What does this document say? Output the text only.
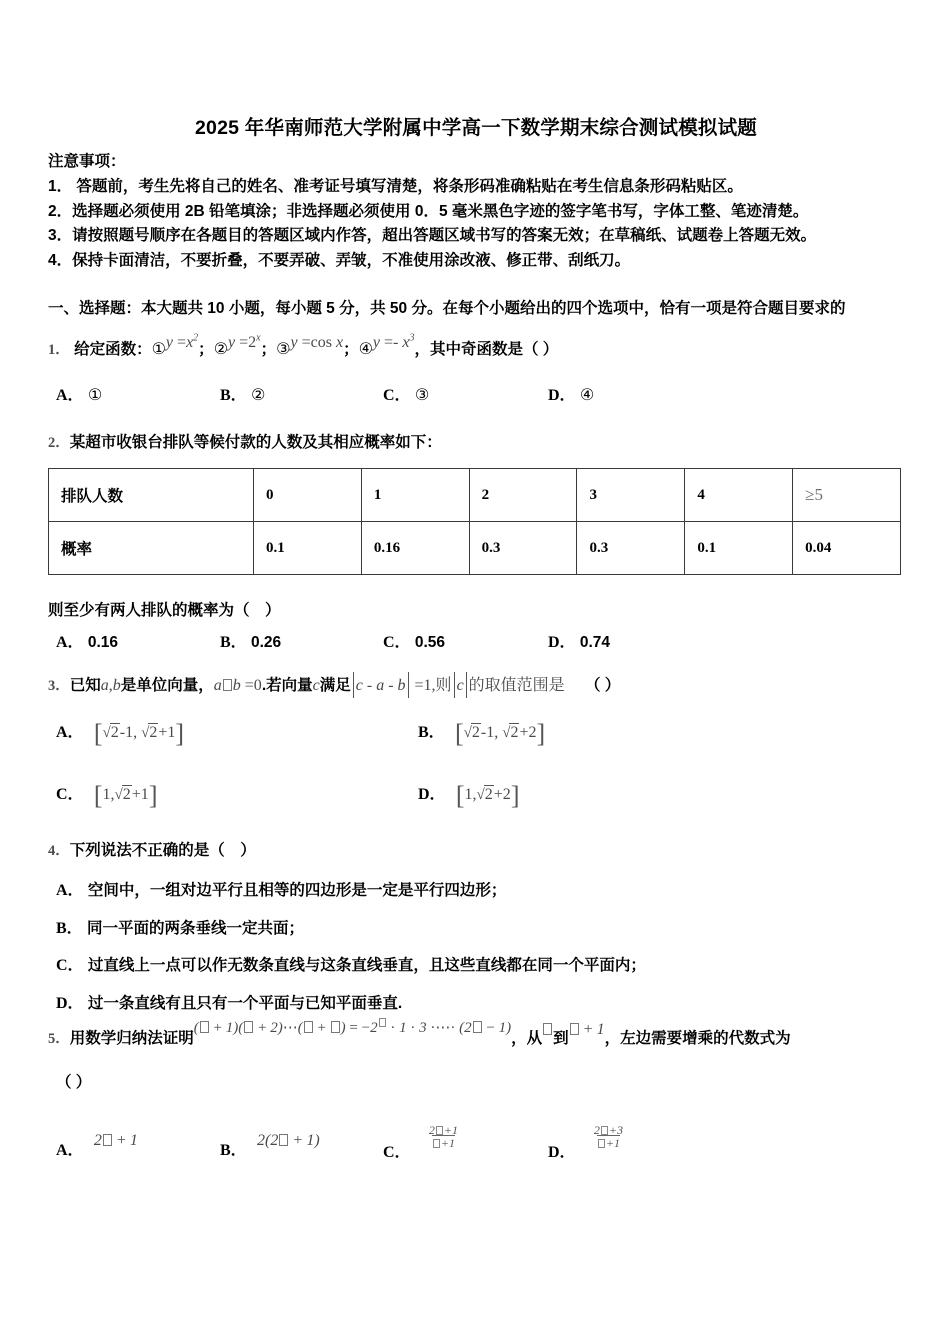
2025 年华南师范大学附属中学高一下数学期末综合测试模拟试题
注意事项：
1． 答题前，考生先将自己的姓名、准考证号填写清楚，将条形码准确粘贴在考生信息条形码粘贴区。
2．选择题必须使用 2B 铅笔填涂；非选择题必须使用 0．5 毫米黑色字迹的签字笔书写，字体工整、笔迹清楚。
3．请按照题号顺序在各题目的答题区域内作答，超出答题区域书写的答案无效；在草稿纸、试题卷上答题无效。
4．保持卡面清洁，不要折叠，不要弄破、弄皱，不准使用涂改液、修正带、刮纸刀。
一、选择题：本大题共 10 小题，每小题 5 分，共 50 分。在每个小题给出的四个选项中，恰有一项是符合题目要求的
1． 给定函数：①y $=x^2$；②y $=2^x$；③y =cos x；④y =- $x^3$，其中奇函数是（ ）
A． ①	B． ②	C． ③	D． ④
2．某超市收银台排队等候付款的人数及其相应概率如下：
排队人数	0	1	2	3	4	≥5
概率	0.1	0.16	0.3	0.3	0.1	0.04
则至少有两人排队的概率为（　）
A． 0.16	B． 0.26	C． 0.56	D． 0.74
3．已知a,b是单位向量，a b =0.若向量c满足 c - a - b =1,则 c 的取值范围是 （ ）
A． [√2-1, √2+1]	B． [√2-1, √2+2]
C． [1,√2+1]	D． [1,√2+2]
4．下列说法不正确的是（　）
A． 空间中，一组对边平行且相等的四边形是一定是平行四边形；
B． 同一平面的两条垂线一定共面；
C． 过直线上一点可以作无数条直线与这条直线垂直，且这些直线都在同一个平面内；
D． 过一条直线有且只有一个平面与已知平面垂直.
5．用数学归纳法证明( + 1)( + 2)⋯( + ) = −2 · 1 · 3 ·⋯· (2 − 1)，从 到 + 1，左边需要增乘的代数式为
（ ）
A． 2 + 1
B． 2(2 + 1)
C． $\frac{2 +1}{+1}$
D． $\frac{2 +3}{+1}$
